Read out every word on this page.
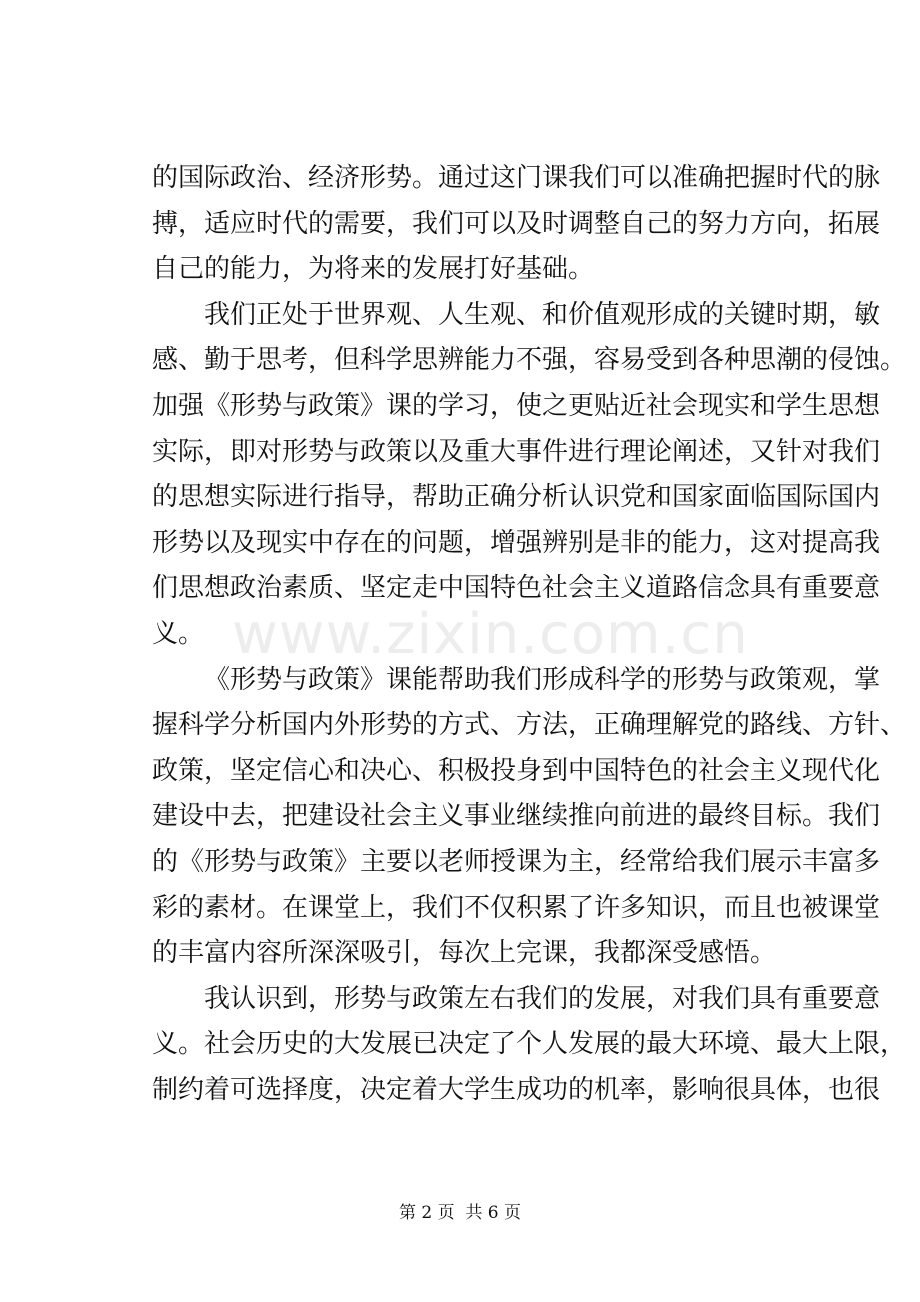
的国际政治、经济形势。通过这门课我们可以准确把握时代的脉
搏，适应时代的需要，我们可以及时调整自己的努力方向，拓展
自己的能力，为将来的发展打好基础。
我们正处于世界观、人生观、和价值观形成的关键时期，敏
感、勤于思考，但科学思辨能力不强，容易受到各种思潮的侵蚀。
加强《形势与政策》课的学习，使之更贴近社会现实和学生思想
实际，即对形势与政策以及重大事件进行理论阐述，又针对我们
的思想实际进行指导，帮助正确分析认识党和国家面临国际国内
形势以及现实中存在的问题，增强辨别是非的能力，这对提高我
们思想政治素质、坚定走中国特色社会主义道路信念具有重要意
义。
《形势与政策》课能帮助我们形成科学的形势与政策观，掌
握科学分析国内外形势的方式、方法，正确理解党的路线、方针、
政策，坚定信心和决心、积极投身到中国特色的社会主义现代化
建设中去，把建设社会主义事业继续推向前进的最终目标。我们
的《形势与政策》主要以老师授课为主，经常给我们展示丰富多
彩的素材。在课堂上，我们不仅积累了许多知识，而且也被课堂
的丰富内容所深深吸引，每次上完课，我都深受感悟。
我认识到，形势与政策左右我们的发展，对我们具有重要意
义。社会历史的大发展已决定了个人发展的最大环境、最大上限，
制约着可选择度，决定着大学生成功的机率，影响很具体，也很
www.zixin.com.cn
第 2 页  共 6 页
